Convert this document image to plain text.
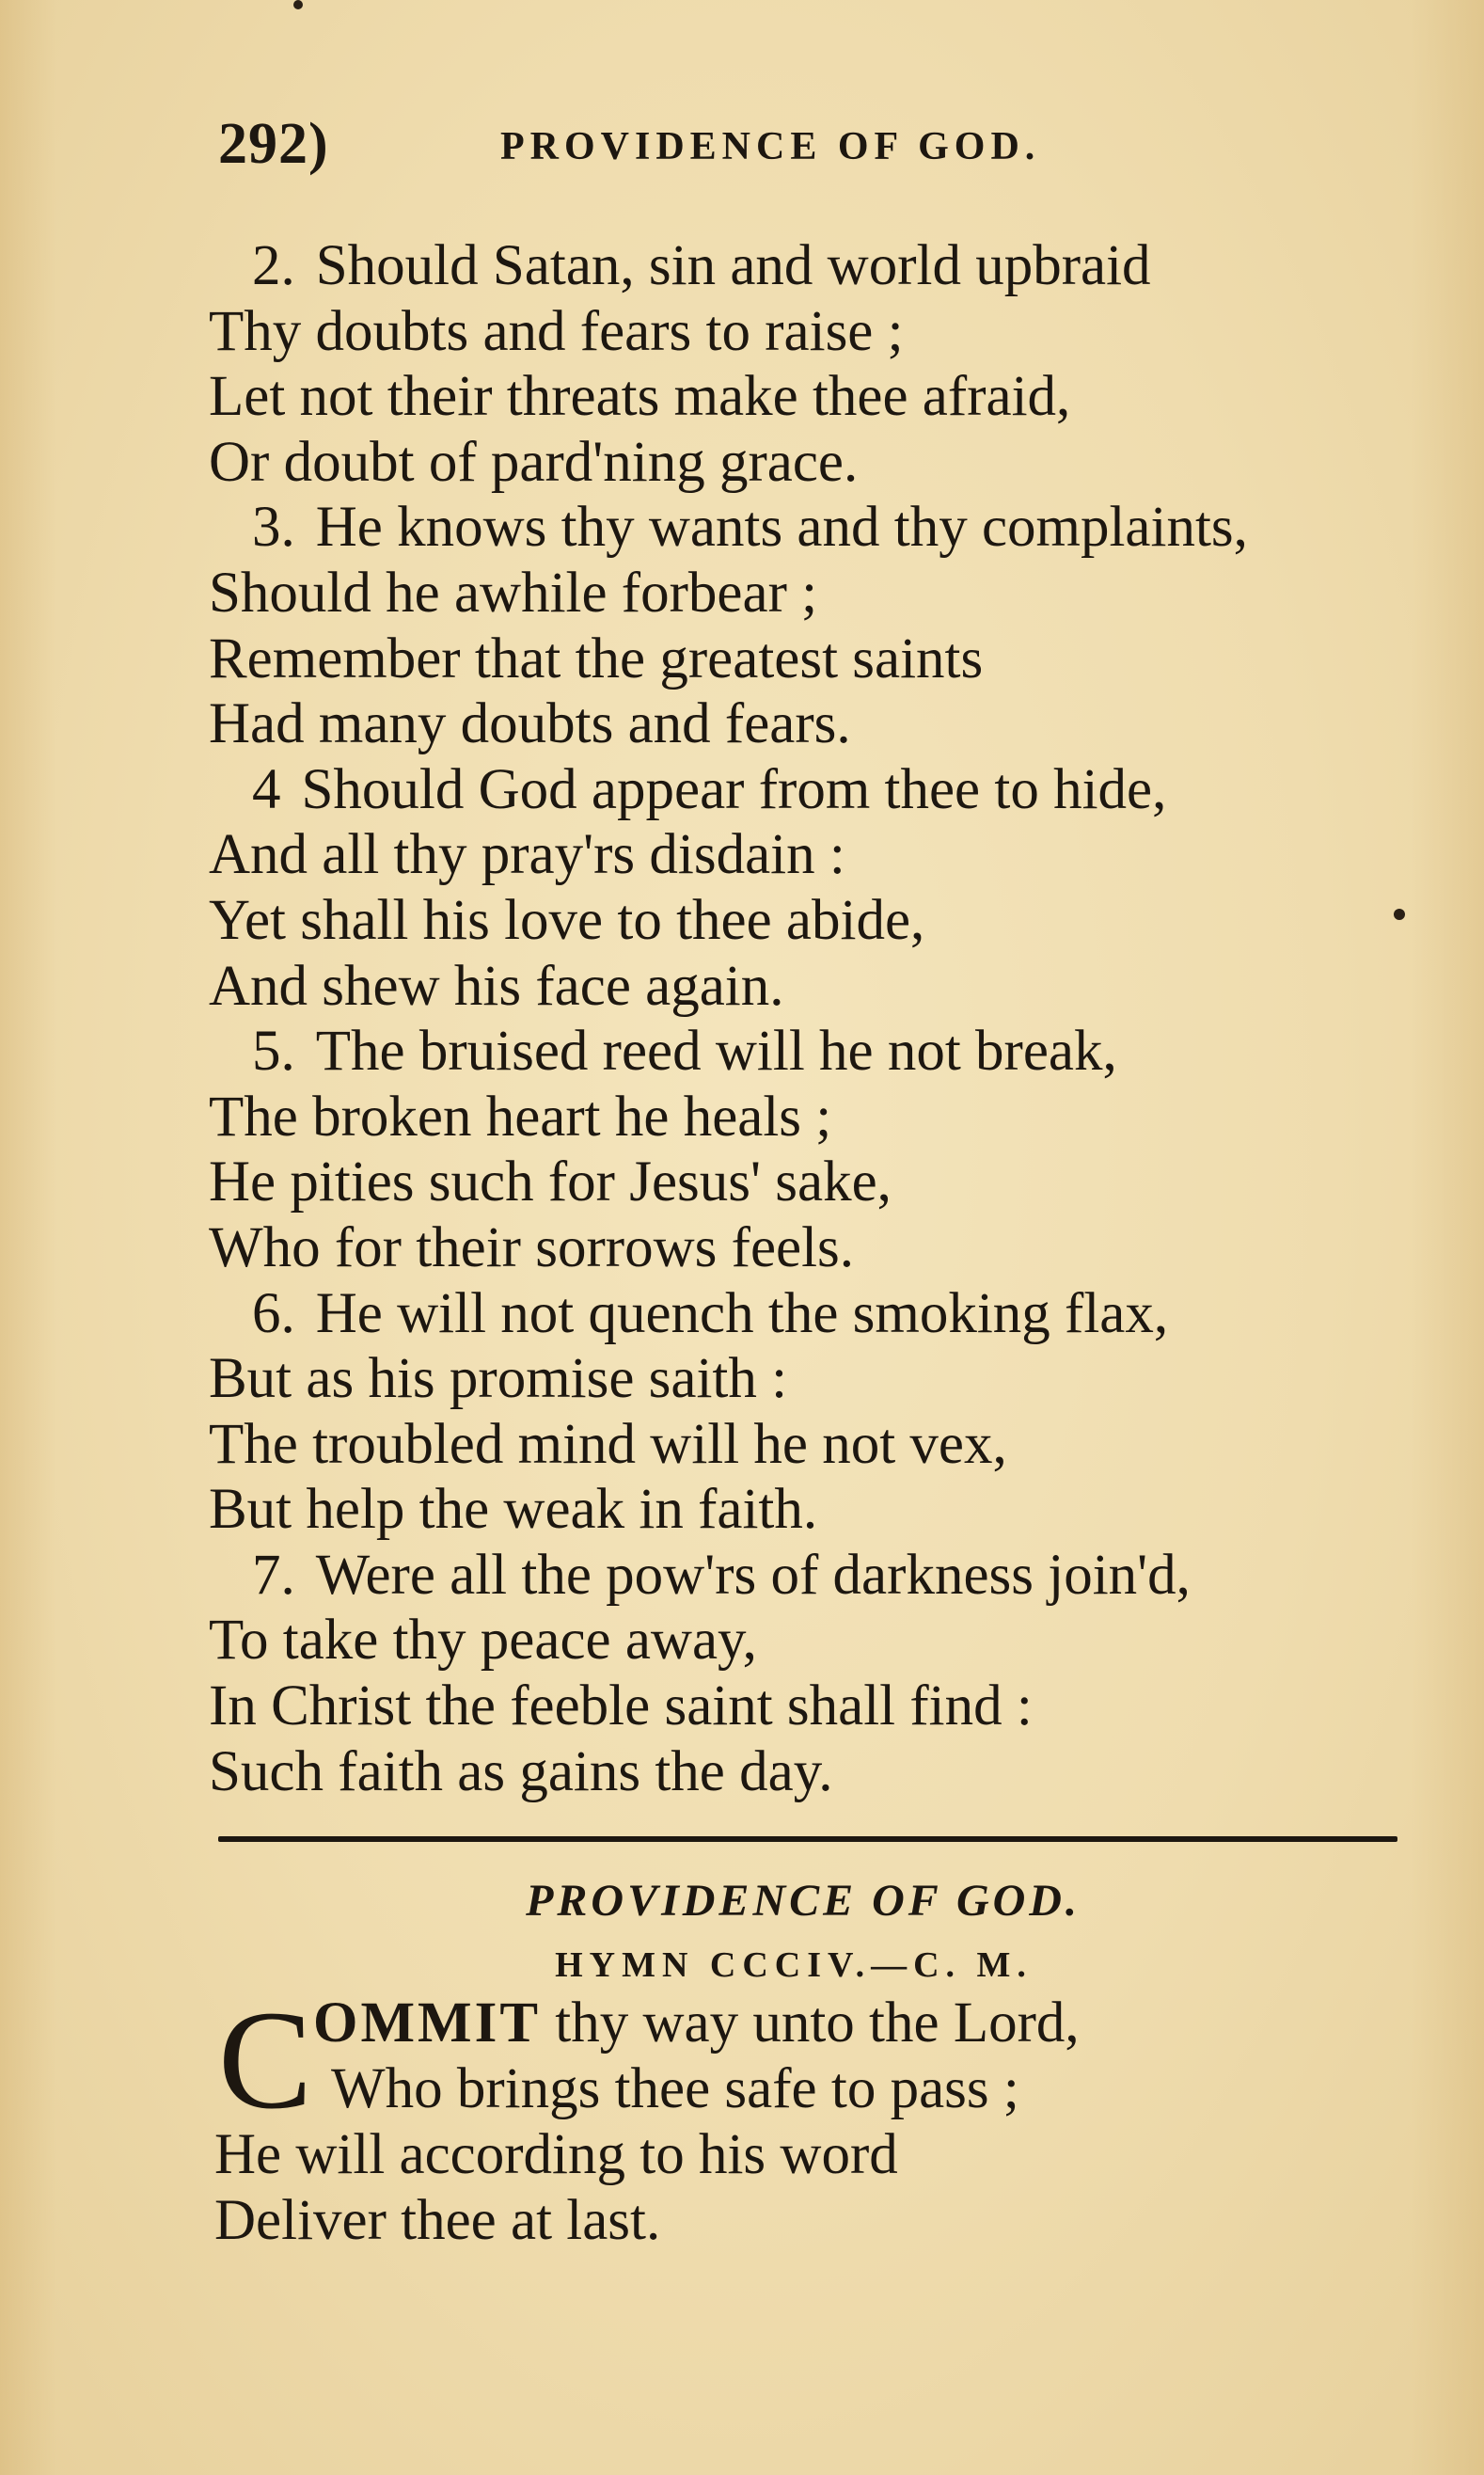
292)	PROVIDENCE OF GOD.
2. Should Satan, sin and world upbraid
Thy doubts and fears to raise ;
Let not their threats make thee afraid,
Or doubt of pard'ning grace.
3. He knows thy wants and thy complaints,
Should he awhile forbear ;
Remember that the greatest saints
Had many doubts and fears.
4 Should God appear from thee to hide,
And all thy pray'rs disdain :
Yet shall his love to thee abide,
And shew his face again.
5. The bruised reed will he not break,
The broken heart he heals ;
He pities such for Jesus' sake,
Who for their sorrows feels.
6. He will not quench the smoking flax,
But as his promise saith :
The troubled mind will he not vex,
But help the weak in faith.
7. Were all the pow'rs of darkness join'd,
To take thy peace away,
In Christ the feeble saint shall find :
Such faith as gains the day.
PROVIDENCE OF GOD.
HYMN CCCIV.—C. M.
C OMMIT thy way unto the Lord,
Who brings thee safe to pass ;
He will according to his word
Deliver thee at last.
